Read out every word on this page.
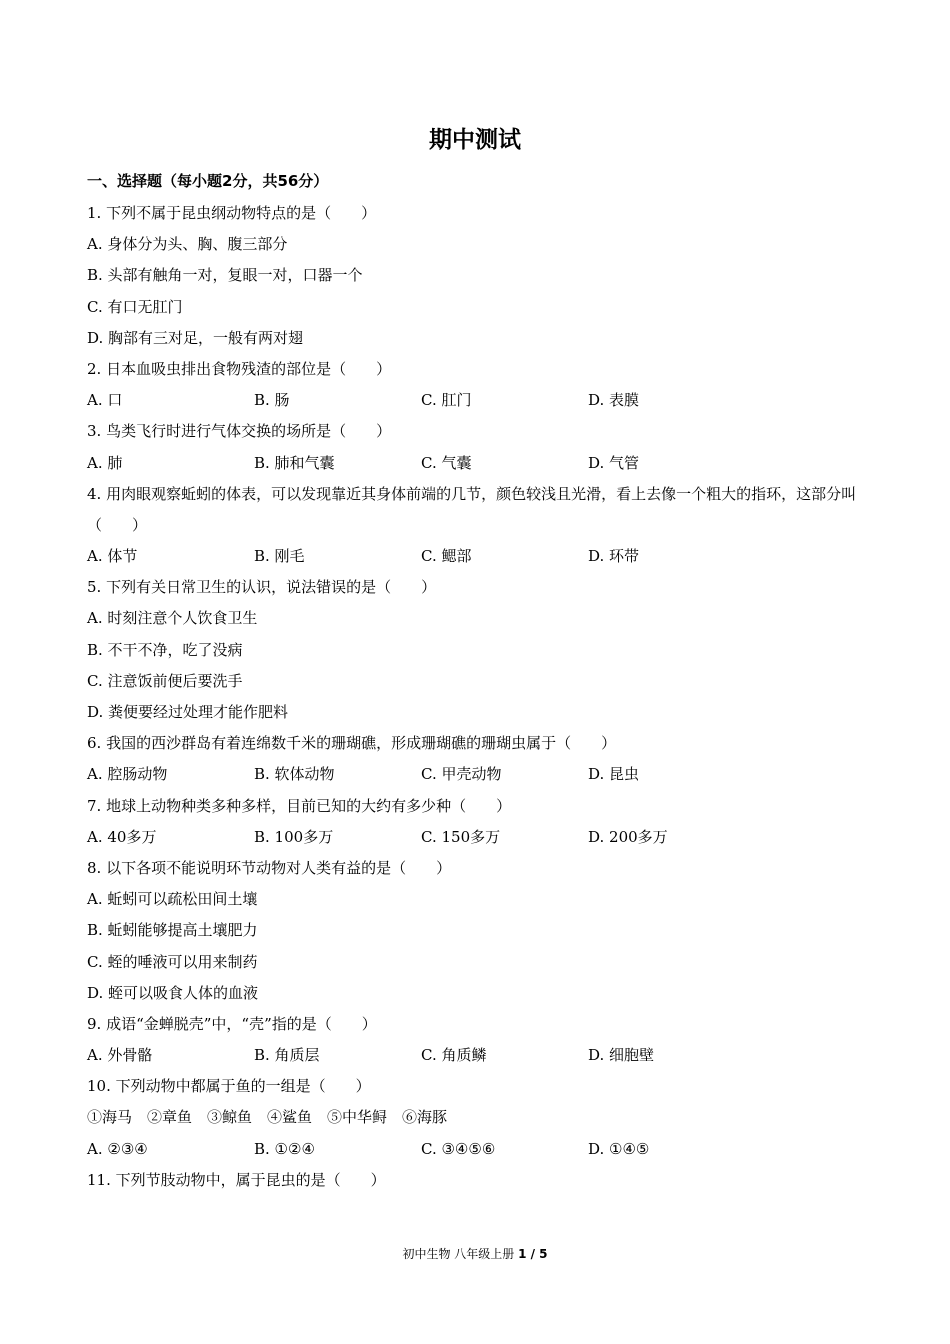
期中测试
一、选择题（每小题2分，共56分）
1. 下列不属于昆虫纲动物特点的是（　　）
A. 身体分为头、胸、腹三部分
B. 头部有触角一对，复眼一对，口器一个
C. 有口无肛门
D. 胸部有三对足，一般有两对翅
2. 日本血吸虫排出食物残渣的部位是（　　）
A. 口	B. 肠	C. 肛门	D. 表膜
3. 鸟类飞行时进行气体交换的场所是（　　）
A. 肺	B. 肺和气囊	C. 气囊	D. 气管
4. 用肉眼观察蚯蚓的体表，可以发现靠近其身体前端的几节，颜色较浅且光滑，看上去像一个粗大的指环，这部分叫（　　）
A. 体节	B. 刚毛	C. 鳃部	D. 环带
5. 下列有关日常卫生的认识，说法错误的是（　　）
A. 时刻注意个人饮食卫生
B. 不干不净，吃了没病
C. 注意饭前便后要洗手
D. 粪便要经过处理才能作肥料
6. 我国的西沙群岛有着连绵数千米的珊瑚礁，形成珊瑚礁的珊瑚虫属于（　　）
A. 腔肠动物	B. 软体动物	C. 甲壳动物	D. 昆虫
7. 地球上动物种类多种多样，目前已知的大约有多少种（　　）
A. 40多万	B. 100多万	C. 150多万	D. 200多万
8. 以下各项不能说明环节动物对人类有益的是（　　）
A. 蚯蚓可以疏松田间土壤
B. 蚯蚓能够提高土壤肥力
C. 蛭的唾液可以用来制药
D. 蛭可以吸食人体的血液
9. 成语“金蝉脱壳”中，“壳”指的是（　　）
A. 外骨骼	B. 角质层	C. 角质鳞	D. 细胞壁
10. 下列动物中都属于鱼的一组是（　　）
①海马　②章鱼　③鲸鱼　④鲨鱼　⑤中华鲟　⑥海豚
A. ②③④	B. ①②④	C. ③④⑤⑥	D. ①④⑤
11. 下列节肢动物中，属于昆虫的是（　　）
初中生物 八年级上册 1 / 5
